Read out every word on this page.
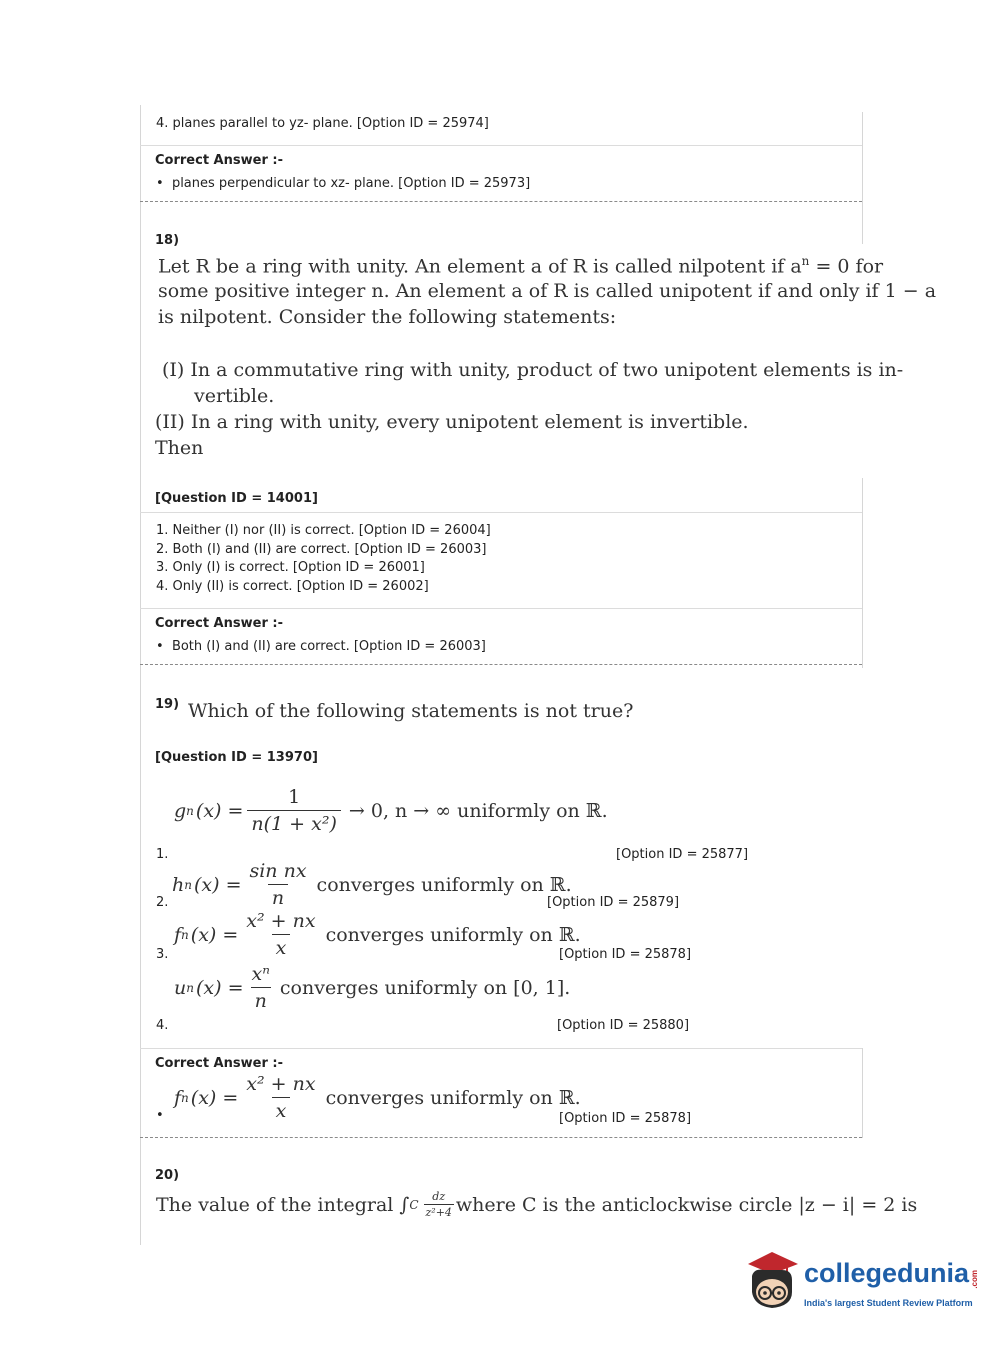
4. planes parallel to yz- plane. [Option ID = 25974]
Correct Answer :-
•  planes perpendicular to xz- plane. [Option ID = 25973]
18)
Let R be a ring with unity. An element a of R is called nilpotent if $a^n = 0$ for
some positive integer n. An element a of R is called unipotent if and only if 1 − a
is nilpotent. Consider the following statements:
(I) In a commutative ring with unity, product of two unipotent elements is in-
vertible.
(II) In a ring with unity, every unipotent element is invertible.
Then
[Question ID = 14001]
1. Neither (I) nor (II) is correct. [Option ID = 26004]
2. Both (I) and (II) are correct. [Option ID = 26003]
3. Only (I) is correct. [Option ID = 26001]
4. Only (II) is correct. [Option ID = 26002]
Correct Answer :-
•  Both (I) and (II) are correct. [Option ID = 26003]
19) Which of the following statements is not true?
[Question ID = 13970]
g n $(x) = \frac{1}{\text{n(1 + x²)}} \to 0$, n → ∞ uniformly on ℝ.
1.	[Option ID = 25877]
h n $(x) = \frac{\text{sin nx}}{n}$ converges uniformly on ℝ.
2.	[Option ID = 25879]
f n $(x) = \frac{\text{x² + nx}}{x}$ converges uniformly on ℝ.
3.	[Option ID = 25878]
u n $(x) = \frac{\text{xⁿ}}{n}$ converges uniformly on [0, 1].
4.	[Option ID = 25880]
Correct Answer :-
f n $(x) = \frac{\text{x² + nx}}{x}$ converges uniformly on ℝ.
•	[Option ID = 25878]
20)
The value of the integral ∫ C $\frac{dz}{\text{z²+4}}$ where C is the anticlockwise circle |z − i| = 2 is
collegedunia.com
India's largest Student Review Platform
